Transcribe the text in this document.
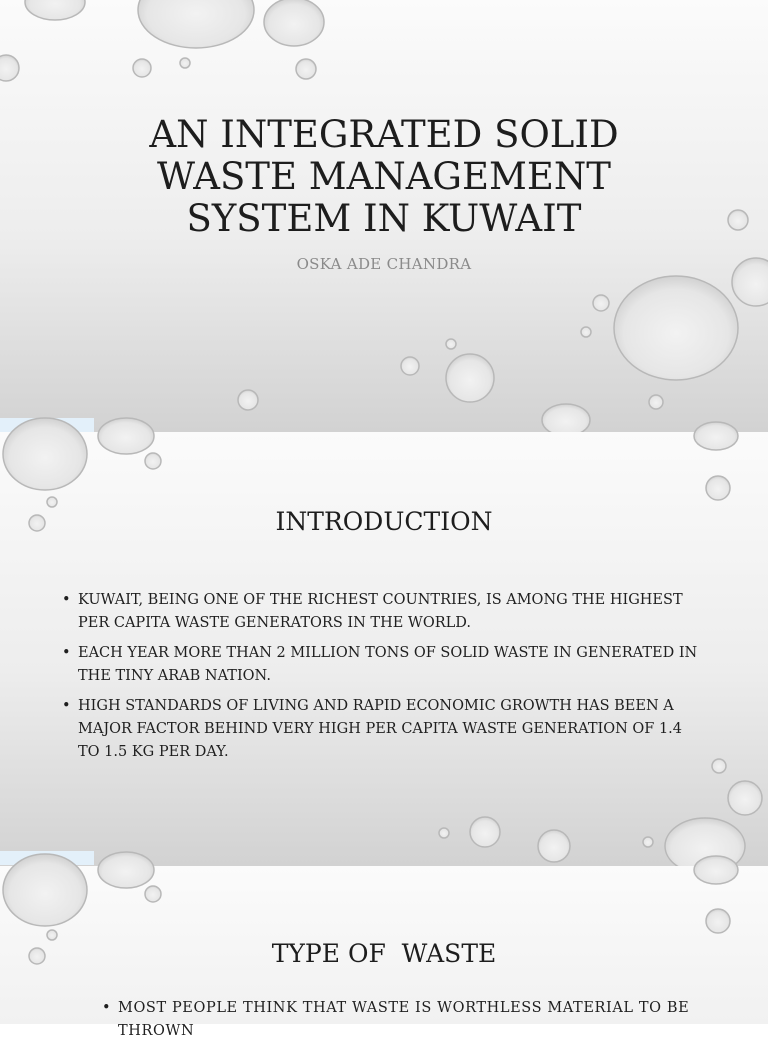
AN INTEGRATED SOLID WASTE MANAGEMENT SYSTEM IN KUWAIT
OSKA ADE CHANDRA
INTRODUCTION
• KUWAIT, BEING ONE OF THE RICHEST COUNTRIES, IS AMONG THE HIGHEST PER CAPITA WASTE GENERATORS IN THE WORLD.
• EACH YEAR MORE THAN 2 MILLION TONS OF SOLID WASTE IN GENERATED IN THE TINY ARAB NATION.
• HIGH STANDARDS OF LIVING AND RAPID ECONOMIC GROWTH HAS BEEN A MAJOR FACTOR BEHIND VERY HIGH PER CAPITA WASTE GENERATION OF 1.4 TO 1.5 KG PER DAY.
TYPE OF  WASTE
• MOST PEOPLE THINK THAT WASTE IS WORTHLESS MATERIAL TO BE THROWN
